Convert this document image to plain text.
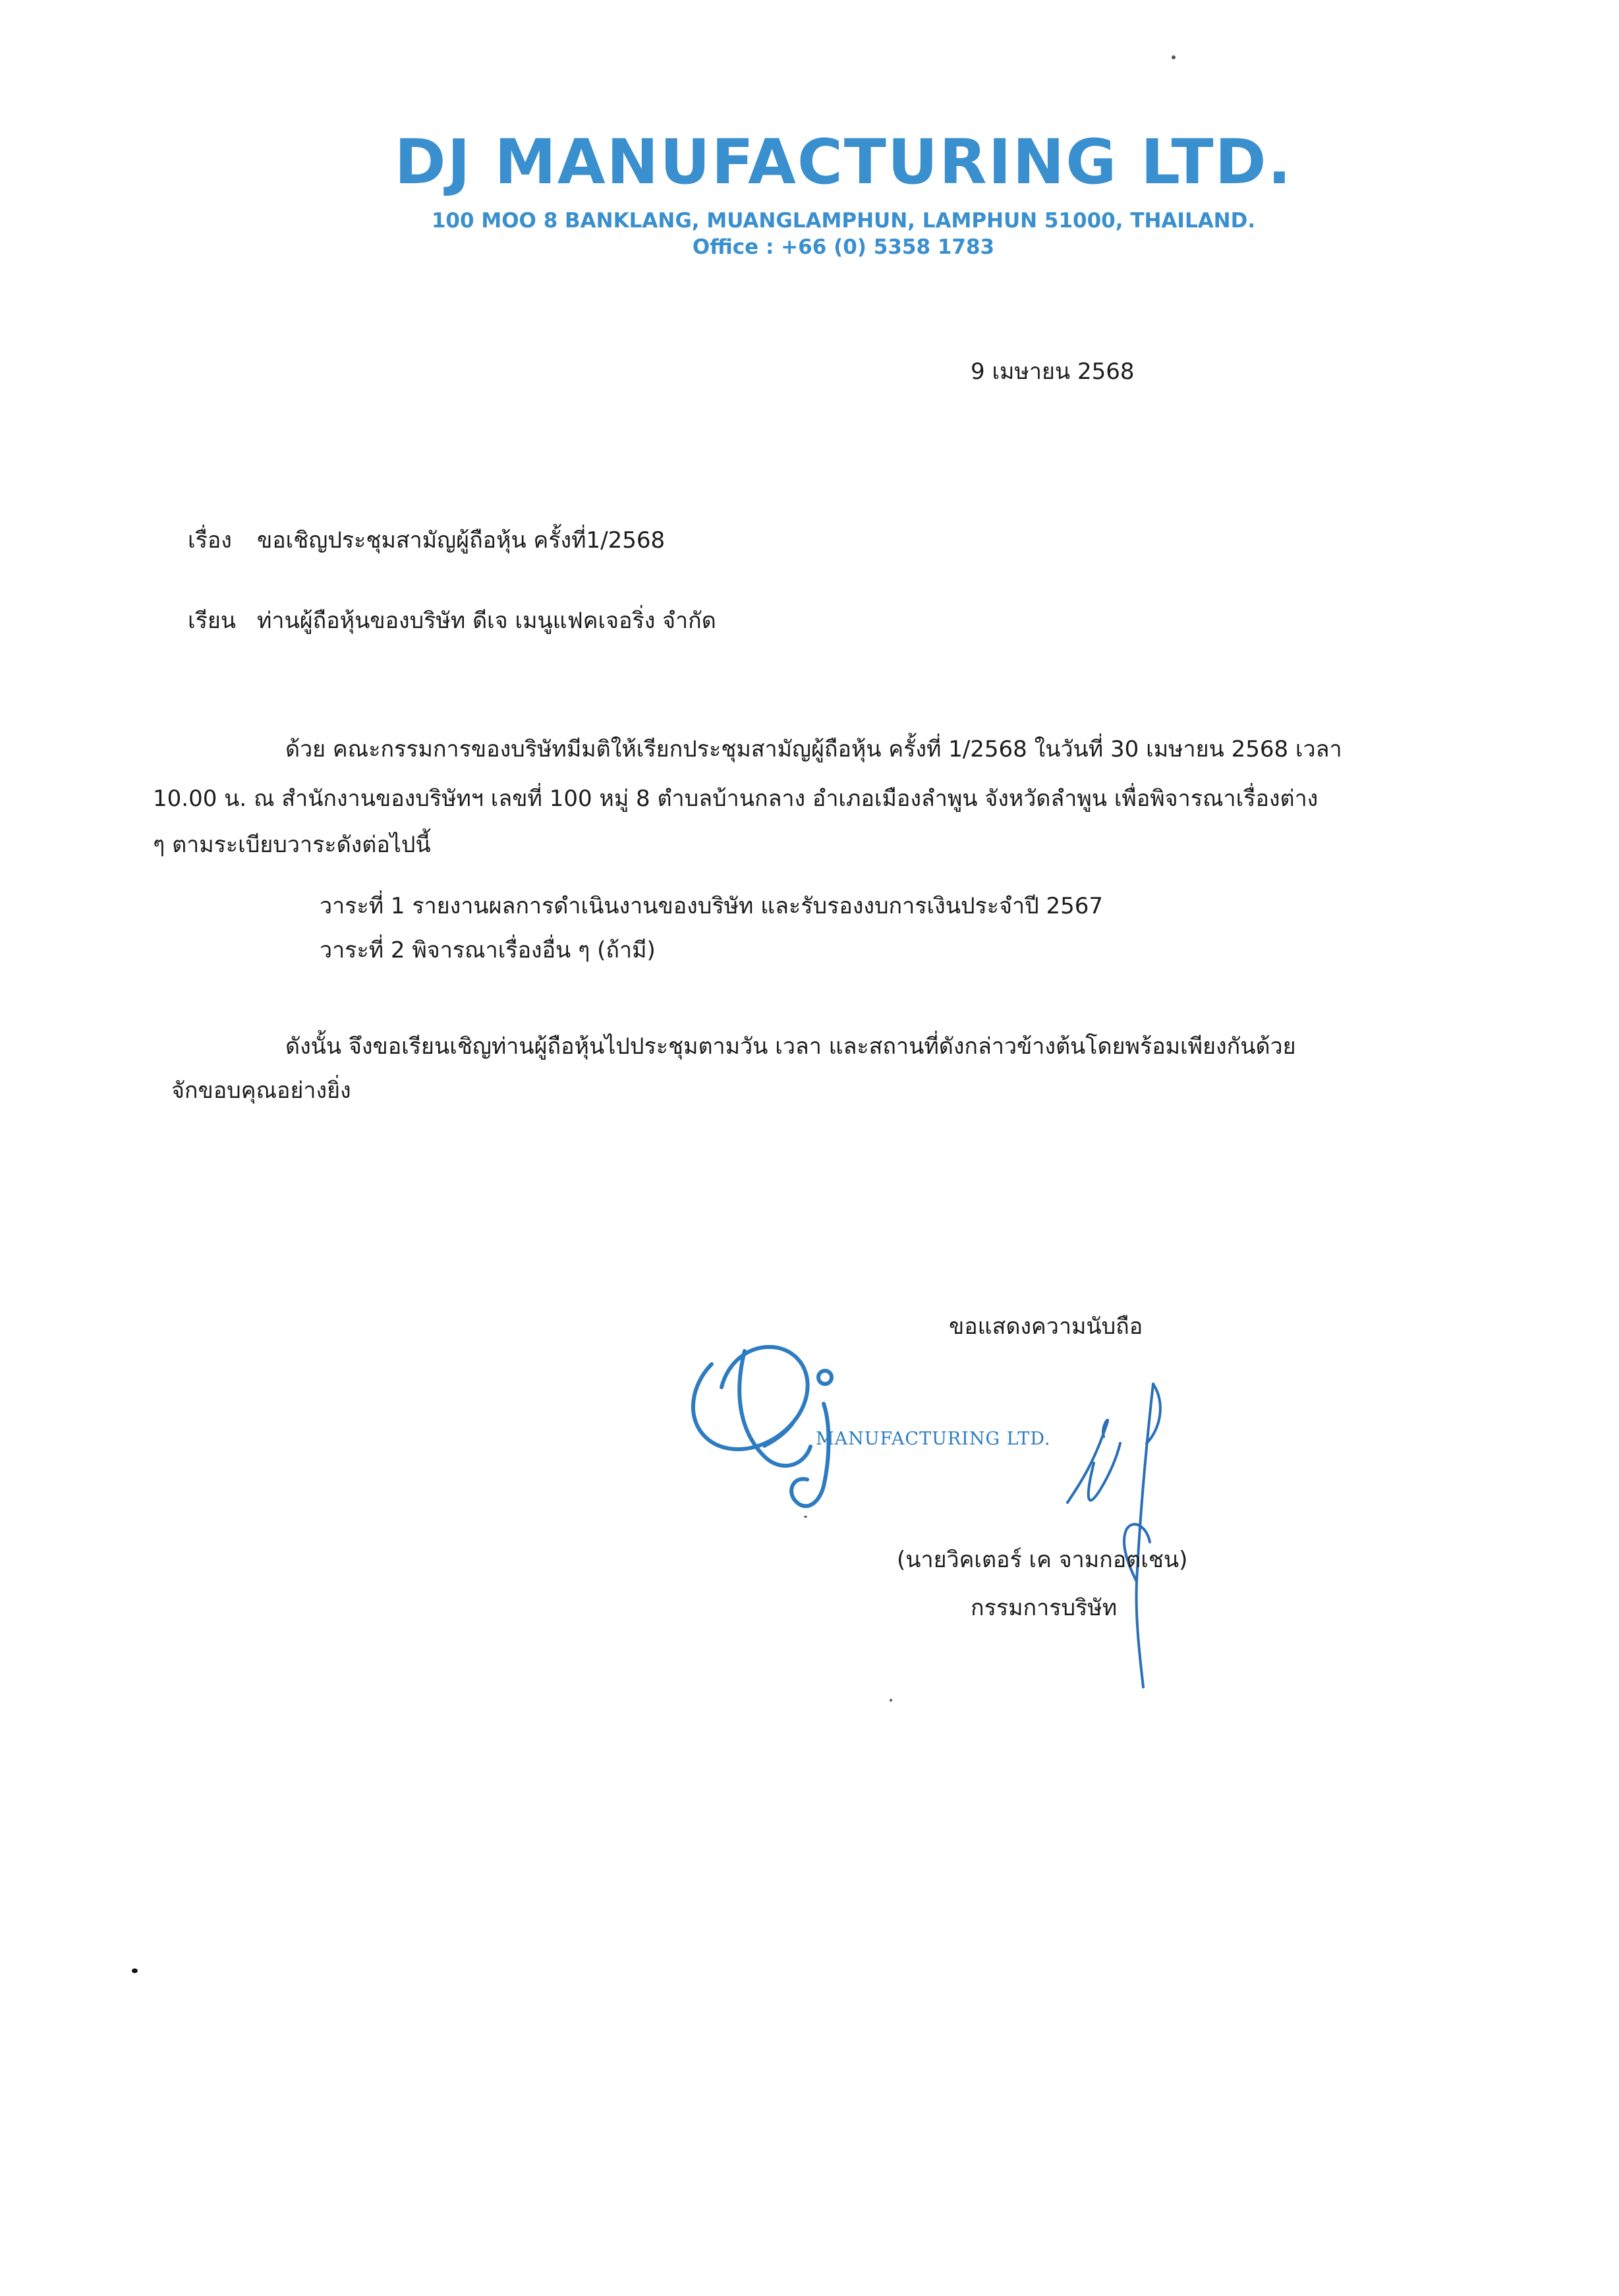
DJ MANUFACTURING LTD.
100 MOO 8 BANKLANG, MUANGLAMPHUN, LAMPHUN 51000, THAILAND.
Office : +66 (0) 5358 1783
9 เมษายน 2568
เรื่อง ขอเชิญประชุมสามัญผู้ถือหุ้น ครั้งที่1/2568
เรียน ท่านผู้ถือหุ้นของบริษัท ดีเจ เมนูแฟคเจอริ่ง จำกัด
ด้วย คณะกรรมการของบริษัทมีมติให้เรียกประชุมสามัญผู้ถือหุ้น ครั้งที่ 1/2568 ในวันที่ 30 เมษายน 2568 เวลา
10.00 น. ณ สำนักงานของบริษัทฯ เลขที่ 100 หมู่ 8 ตำบลบ้านกลาง อำเภอเมืองลำพูน จังหวัดลำพูน เพื่อพิจารณาเรื่องต่าง
ๆ ตามระเบียบวาระดังต่อไปนี้
วาระที่ 1 รายงานผลการดำเนินงานของบริษัท และรับรองงบการเงินประจำปี 2567
วาระที่ 2 พิจารณาเรื่องอื่น ๆ (ถ้ามี)
ดังนั้น จึงขอเรียนเชิญท่านผู้ถือหุ้นไปประชุมตามวัน เวลา และสถานที่ดังกล่าวข้างต้นโดยพร้อมเพียงกันด้วย
จักขอบคุณอย่างยิ่ง
ขอแสดงความนับถือ
MANUFACTURING LTD.
(นายวิคเตอร์ เค จามกอตเชน)
กรรมการบริษัท
